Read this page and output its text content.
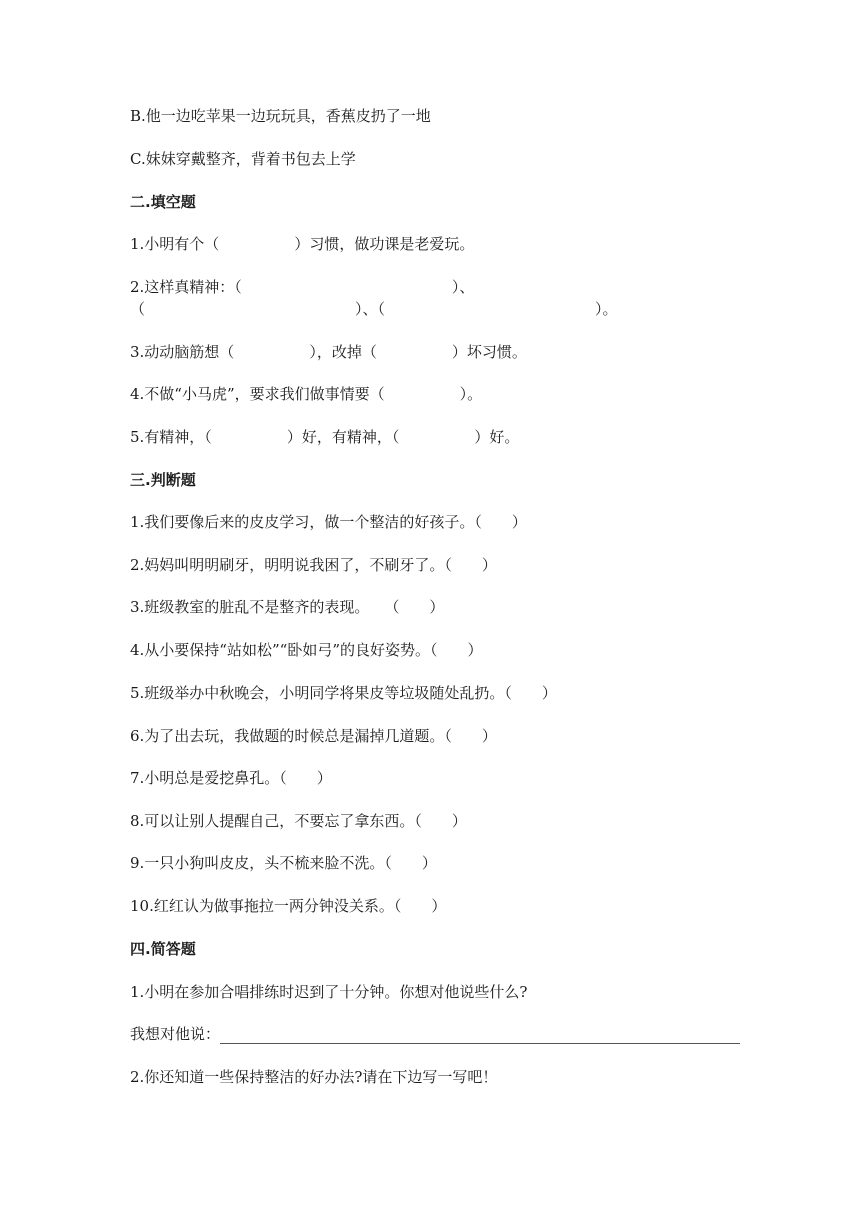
B.他一边吃苹果一边玩玩具，香蕉皮扔了一地
C.妹妹穿戴整齐，背着书包去上学
二.填空题
1.小明有个（　　　　　）习惯，做功课是老爱玩。
2.这样真精神：（　　　　　　　　　　　　　　）、
（　　　　　　　　　　　　　　）、（　　　　　　　　　　　　　　）。
3.动动脑筋想（　　　　　），改掉（　　　　　）坏习惯。
4.不做“小马虎”，要求我们做事情要（　　　　　）。
5.有精神，（　　　　　）好，有精神，（　　　　　）好。
三.判断题
1.我们要像后来的皮皮学习，做一个整洁的好孩子。（　　）
2.妈妈叫明明刷牙，明明说我困了，不刷牙了。（　　）
3.班级教室的脏乱不是整齐的表现。　　（　　）
4.从小要保持“站如松”“卧如弓”的良好姿势。（　　）
5.班级举办中秋晚会，小明同学将果皮等垃圾随处乱扔。（　　）
6.为了出去玩，我做题的时候总是漏掉几道题。（　　）
7.小明总是爱挖鼻孔。（　　）
8.可以让别人提醒自己，不要忘了拿东西。（　　）
9.一只小狗叫皮皮，头不梳来脸不洗。（　　）
10.红红认为做事拖拉一两分钟没关系。（　　）
四.简答题
1.小明在参加合唱排练时迟到了十分钟。你想对他说些什么?
我想对他说：
2.你还知道一些保持整洁的好办法?请在下边写一写吧！
